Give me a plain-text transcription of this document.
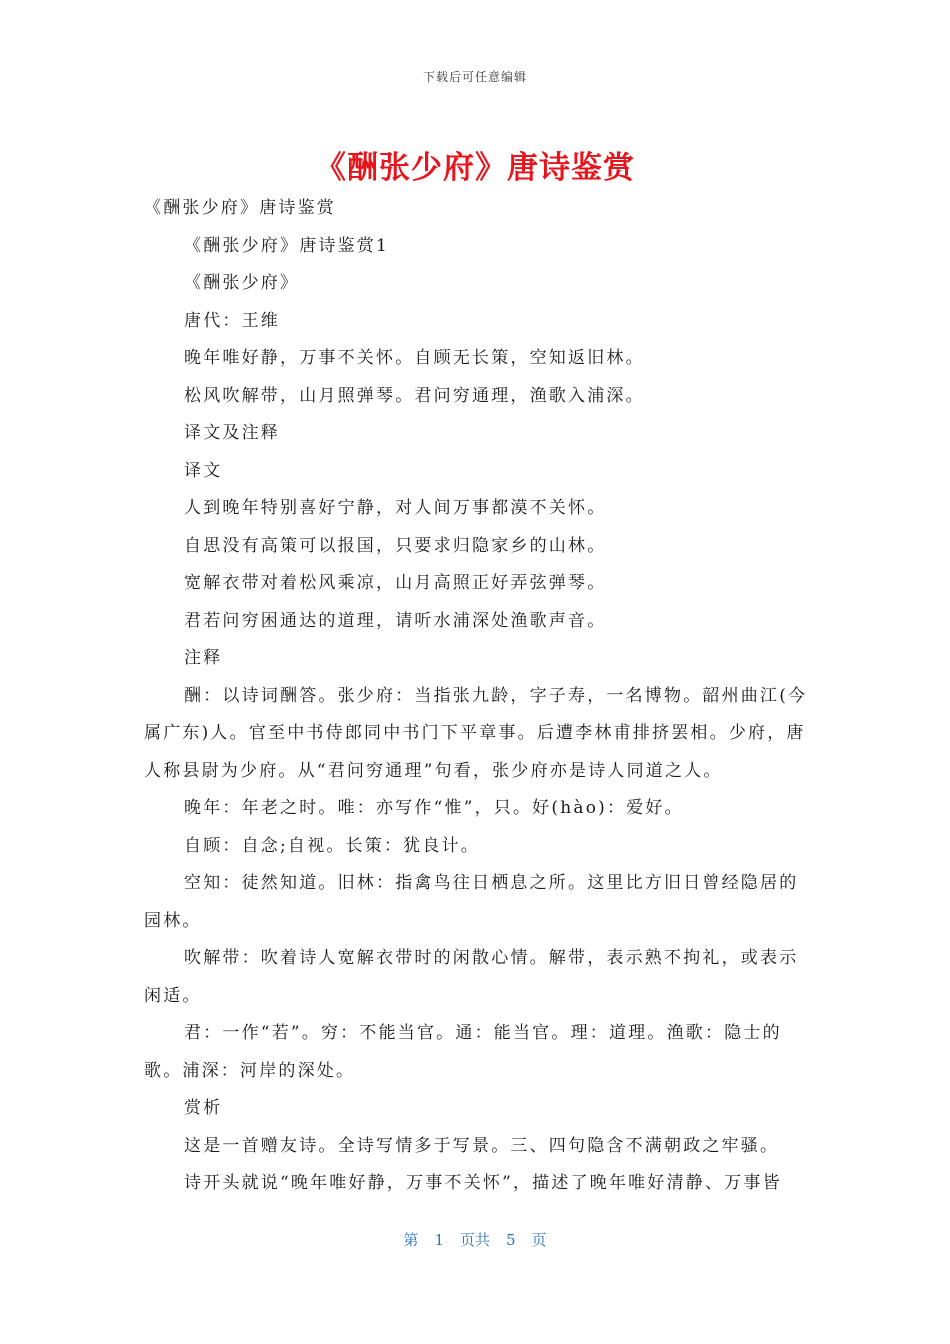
下载后可任意编辑
《酬张少府》唐诗鉴赏

《酬张少府》唐诗鉴赏

《酬张少府》唐诗鉴赏1

《酬张少府》

唐代：王维

晚年唯好静，万事不关怀。自顾无长策，空知返旧林。

松风吹解带，山月照弹琴。君问穷通理，渔歌入浦深。

译文及注释

译文

人到晚年特别喜好宁静，对人间万事都漠不关怀。

自思没有高策可以报国，只要求归隐家乡的山林。

宽解衣带对着松风乘凉，山月高照正好弄弦弹琴。

君若问穷困通达的道理，请听水浦深处渔歌声音。

注释

酬：以诗词酬答。张少府：当指张九龄，字子寿，一名博物。韶州曲江(今属广东)人。官至中书侍郎同中书门下平章事。后遭李林甫排挤罢相。少府，唐人称县尉为少府。从“君问穷通理”句看，张少府亦是诗人同道之人。

晚年：年老之时。唯：亦写作“惟”，只。好(hào)：爱好。

自顾：自念;自视。长策：犹良计。

空知：徒然知道。旧林：指禽鸟往日栖息之所。这里比方旧日曾经隐居的园林。

吹解带：吹着诗人宽解衣带时的闲散心情。解带，表示熟不拘礼，或表示闲适。

君：一作“若”。穷：不能当官。通：能当官。理：道理。渔歌：隐士的歌。浦深：河岸的深处。

赏析

这是一首赠友诗。全诗写情多于写景。三、四句隐含不满朝政之牢骚。

诗开头就说“晚年唯好静，万事不关怀”，描述了晚年唯好清静、万事皆

第 1 页共 5 页
